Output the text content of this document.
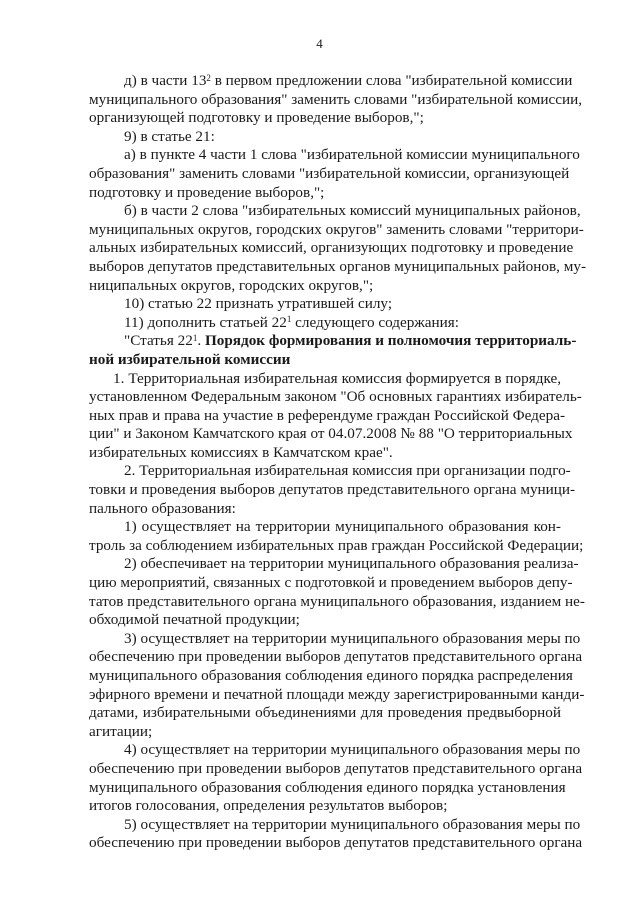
4
д) в части $13^2$ в первом предложении слова "избирательной комиссии
муниципального образования" заменить словами "избирательной комиссии,
организующей подготовку и проведение выборов,";
9) в статье 21:
а) в пункте 4 части 1 слова "избирательной комиссии муниципального
образования" заменить словами "избирательной комиссии, организующей
подготовку и проведение выборов,";
б) в части 2 слова "избирательных комиссий муниципальных районов,
муниципальных округов, городских округов" заменить словами "территори-
альных избирательных комиссий, организующих подготовку и проведение
выборов депутатов представительных органов муниципальных районов, му-
ниципальных округов, городских округов,";
10) статью 22 признать утратившей силу;
11) дополнить статьей $22^1$ следующего содержания:
"Статья $22^1$. Порядок формирования и полномочия территориаль-
ной избирательной комиссии
1. Территориальная избирательная комиссия формируется в порядке,
установленном Федеральным законом "Об основных гарантиях избиратель-
ных прав и права на участие в референдуме граждан Российской Федера-
ции" и Законом Камчатского края от 04.07.2008 № 88 "О территориальных
избирательных комиссиях в Камчатском крае".
2. Территориальная избирательная комиссия при организации подго-
товки и проведения выборов депутатов представительного органа муници-
пального образования:
1) осуществляет на территории муниципального образования кон-
троль за соблюдением избирательных прав граждан Российской Федерации;
2) обеспечивает на территории муниципального образования реализа-
цию мероприятий, связанных с подготовкой и проведением выборов депу-
татов представительного органа муниципального образования, изданием не-
обходимой печатной продукции;
3) осуществляет на территории муниципального образования меры по
обеспечению при проведении выборов депутатов представительного органа
муниципального образования соблюдения единого порядка распределения
эфирного времени и печатной площади между зарегистрированными канди-
датами, избирательными объединениями для проведения предвыборной
агитации;
4) осуществляет на территории муниципального образования меры по
обеспечению при проведении выборов депутатов представительного органа
муниципального образования соблюдения единого порядка установления
итогов голосования, определения результатов выборов;
5) осуществляет на территории муниципального образования меры по
обеспечению при проведении выборов депутатов представительного органа
